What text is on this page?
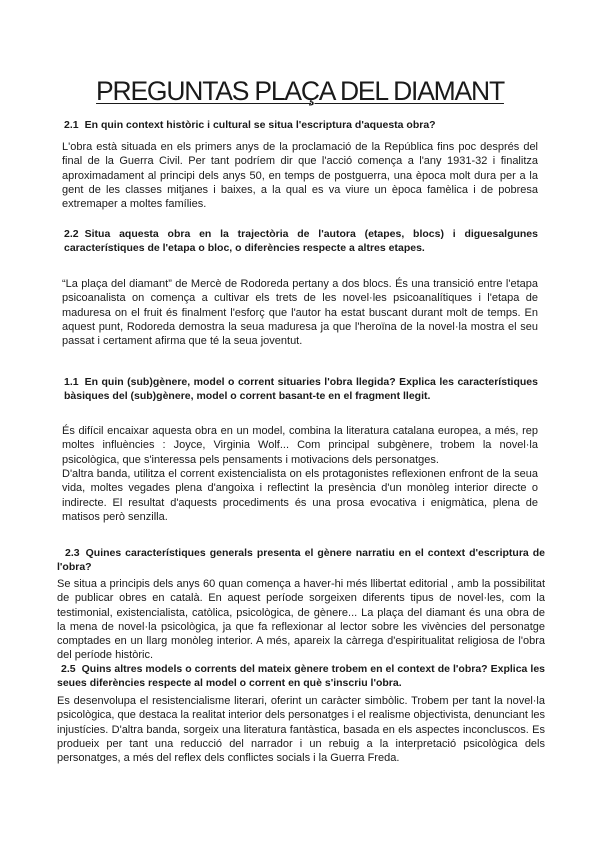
PREGUNTAS PLAÇA DEL DIAMANT

2.1 En quin context històric i cultural se situa l'escriptura d'aquesta obra?

L'obra està situada en els primers anys de la proclamació de la República fins poc després del final de la Guerra Civil. Per tant podríem dir que l'acció comença a l'any 1931-32 i finalitza aproximadament al principi dels anys 50, en temps de postguerra, una època molt dura per a la gent de les classes mitjanes i baixes, a la qual es va viure un època famèlica i de pobresa extremaper a moltes famílies.

2.2 Situa aquesta obra en la trajectòria de l'autora (etapes, blocs) i diguesalgunes característiques de l'etapa o bloc, o diferències respecte a altres etapes.

“La plaça del diamant” de Mercè de Rodoreda pertany a dos blocs. És una transició entre l'etapa psicoanalista on comença a cultivar els trets de les novel·les psicoanalítiques i l'etapa de maduresa on el fruit és finalment l'esforç que l'autor ha estat buscant durant molt de temps. En aquest punt, Rodoreda demostra la seua maduresa ja que l'heroïna de la novel·la mostra el seu passat i certament afirma que té la seua joventut.

1.1 En quin (sub)gènere, model o corrent situaries l'obra llegida? Explica les característiques bàsiques del (sub)gènere, model o corrent basant-te en el fragment llegit.

És difícil encaixar aquesta obra en un model, combina la literatura catalana europea, a més, rep moltes influències : Joyce, Virginia Wolf... Com principal subgènere, trobem la novel·la psicològica, que s'interessa pels pensaments i motivacions dels personatges.

D'altra banda, utilitza el corrent existencialista on els protagonistes reflexionen enfront de la seua vida, moltes vegades plena d'angoixa i reflectint la presència d'un monòleg interior directe o indirecte. El resultat d'aquests procediments és una prosa evocativa i enigmàtica, plena de matisos però senzilla.

2.3 Quines característiques generals presenta el gènere narratiu en el context d'escriptura de l'obra?

Se situa a principis dels anys 60 quan comença a haver-hi més llibertat editorial , amb la possibilitat de publicar obres en català. En aquest període sorgeixen diferents tipus de novel·les, com la testimonial, existencialista, catòlica, psicològica, de gènere... La plaça del diamant és una obra de la mena de novel·la psicològica, ja que fa reflexionar al lector sobre les vivències del personatge comptades en un llarg monòleg interior. A més, apareix la càrrega d'espiritualitat religiosa de l'obra del període històric.

2.5 Quins altres models o corrents del mateix gènere trobem en el context de l'obra? Explica les seues diferències respecte al model o corrent en què s'inscriu l'obra.

Es desenvolupa el resistencialisme literari, oferint un caràcter simbòlic. Trobem per tant la novel·la psicològica, que destaca la realitat interior dels personatges i el realisme objectivista, denunciant les injustícies. D'altra banda, sorgeix una literatura fantàstica, basada en els aspectes inconcluscos. Es produeix per tant una reducció del narrador i un rebuig a la interpretació psicològica dels personatges, a més del reflex dels conflictes socials i la Guerra Freda.
